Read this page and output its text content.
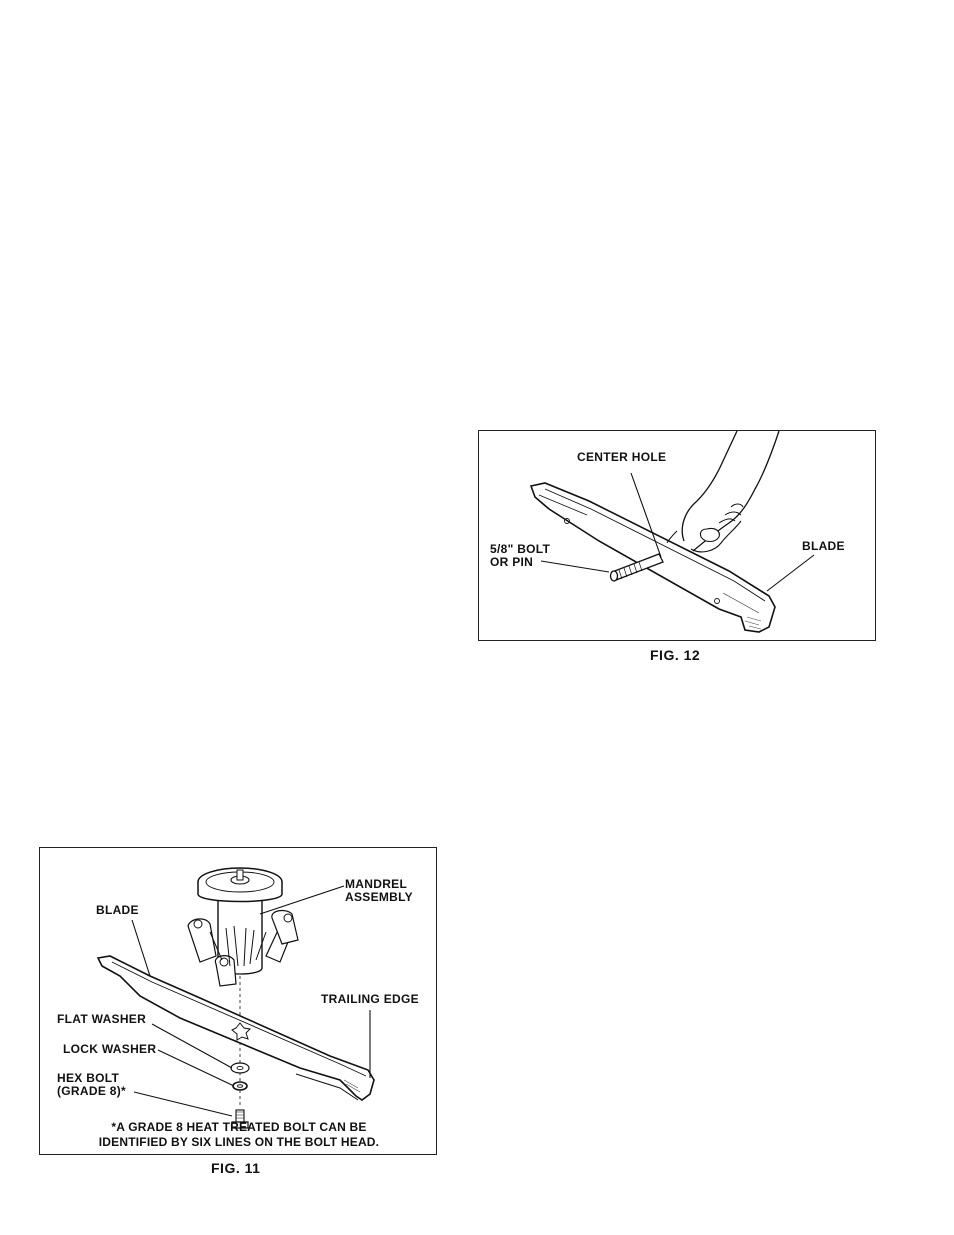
CENTER HOLE
5/8" BOLT
OR PIN
BLADE
FIG. 12
MANDREL
ASSEMBLY
BLADE
TRAILING EDGE
FLAT WASHER
LOCK WASHER
HEX BOLT
(GRADE 8)*
*A GRADE 8 HEAT TREATED BOLT CAN BE
IDENTIFIED BY SIX LINES ON THE BOLT HEAD.
FIG. 11
